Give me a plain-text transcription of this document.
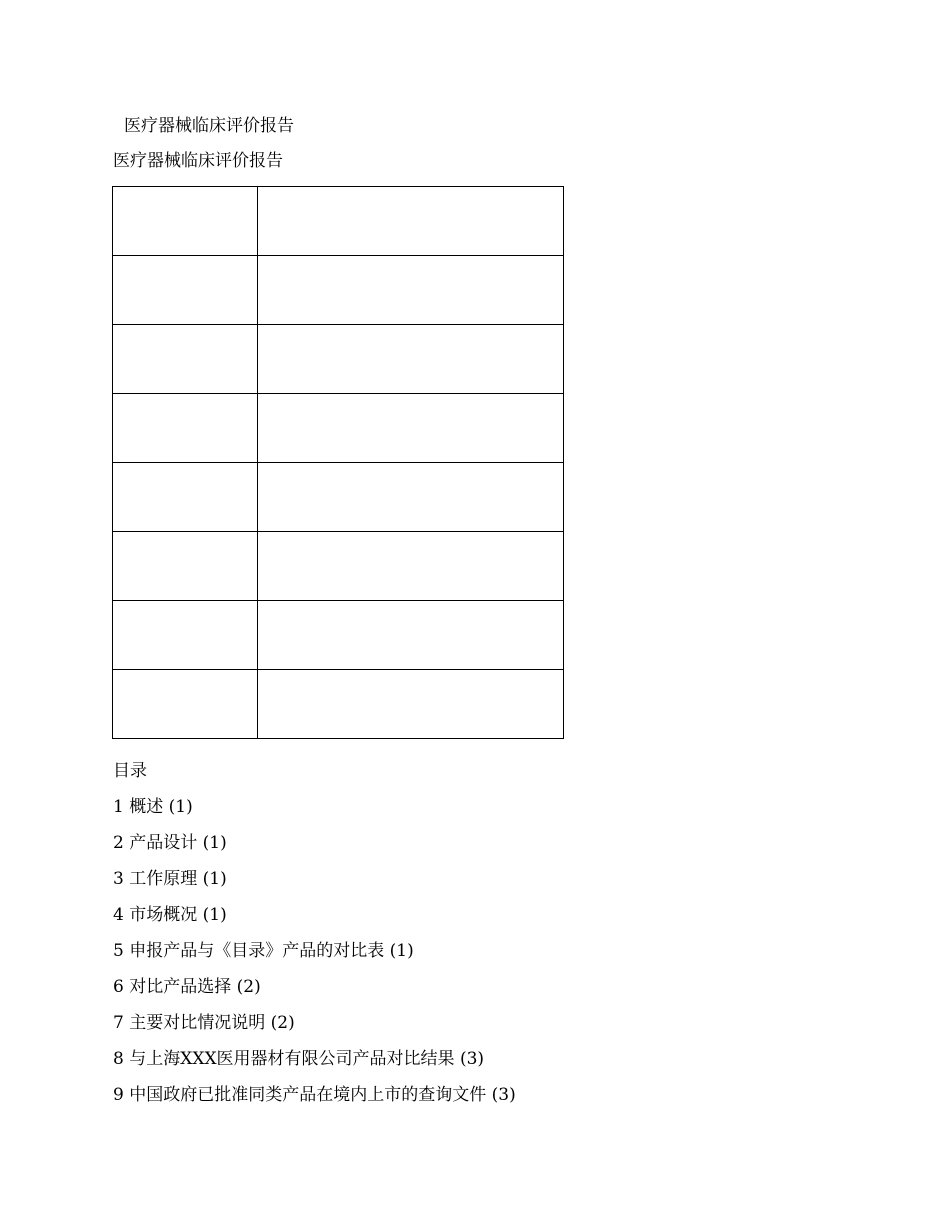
医疗器械临床评价报告
医疗器械临床评价报告

目录
1 概述 (1)
2 产品设计 (1)
3 工作原理 (1)
4 市场概况 (1)
5 申报产品与《目录》产品的对比表 (1)
6 对比产品选择 (2)
7 主要对比情况说明 (2)
8 与上海XXX医用器材有限公司产品对比结果 (3)
9 中国政府已批准同类产品在境内上市的查询文件 (3)
